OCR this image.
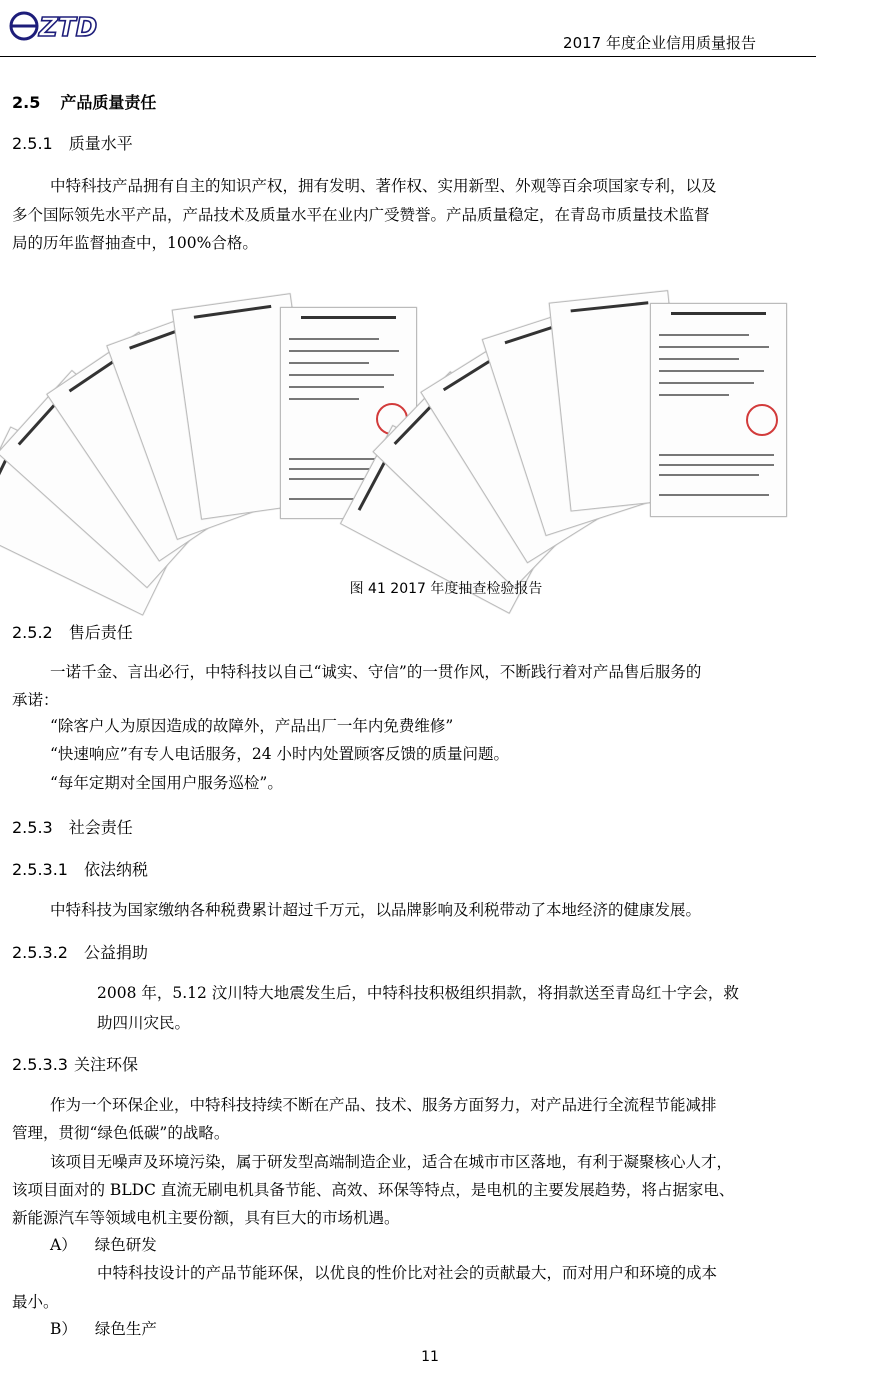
ZTD	2017 年度企业信用质量报告
2.5 产品质量责任
2.5.1 质量水平
中特科技产品拥有自主的知识产权，拥有发明、著作权、实用新型、外观等百余项国家专利，以及
多个国际领先水平产品，产品技术及质量水平在业内广受赞誉。产品质量稳定，在青岛市质量技术监督
局的历年监督抽查中，100%合格。
图 41 2017 年度抽查检验报告
2.5.2 售后责任
一诺千金、言出必行，中特科技以自己“诚实、守信”的一贯作风，不断践行着对产品售后服务的
承诺：
“除客户人为原因造成的故障外，产品出厂一年内免费维修”
“快速响应”有专人电话服务，24 小时内处置顾客反馈的质量问题。
“每年定期对全国用户服务巡检”。
2.5.3 社会责任
2.5.3.1 依法纳税
中特科技为国家缴纳各种税费累计超过千万元，以品牌影响及利税带动了本地经济的健康发展。
2.5.3.2 公益捐助
2008 年，5.12 汶川特大地震发生后，中特科技积极组织捐款，将捐款送至青岛红十字会，救
助四川灾民。
2.5.3.3 关注环保
作为一个环保企业，中特科技持续不断在产品、技术、服务方面努力，对产品进行全流程节能减排
管理，贯彻“绿色低碳”的战略。
该项目无噪声及环境污染，属于研发型高端制造企业，适合在城市市区落地，有利于凝聚核心人才，
该项目面对的 BLDC 直流无刷电机具备节能、高效、环保等特点，是电机的主要发展趋势，将占据家电、
新能源汽车等领域电机主要份额，具有巨大的市场机遇。
A） 绿色研发
中特科技设计的产品节能环保，以优良的性价比对社会的贡献最大，而对用户和环境的成本
最小。
B） 绿色生产
11
